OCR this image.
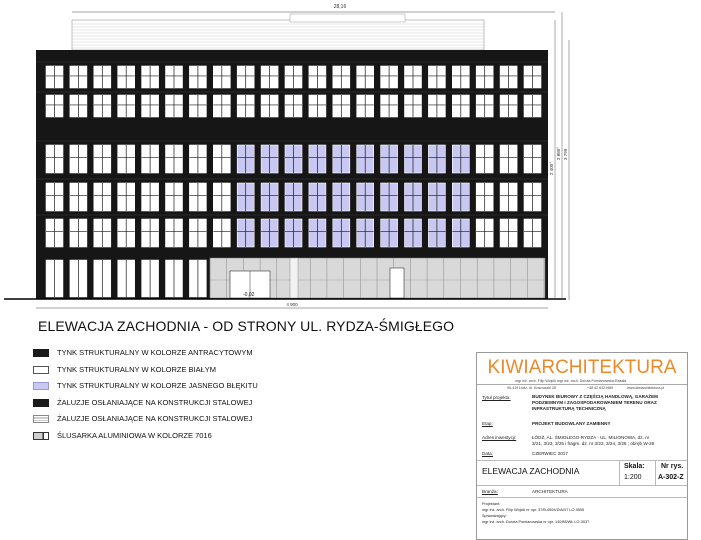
28,16
-0,02
4 900
2 400°
2 880° 3 799
ELEWACJA ZACHODNIA - OD STRONY UL. RYDZA-ŚMIGŁEGO
TYNK STRUKTURALNY W KOLORZE ANTRACYTOWYM
TYNK STRUKTURALNY W KOLORZE BIAŁYM
TYNK STRUKTURALNY W KOLORZE JASNEGO BŁĘKITU
ŻALUZJE OSŁANIAJĄCE NA KONSTRUKCJI STALOWEJ
ŻALUZJE OSŁANIAJĄCE NA KONSTRUKCJI STALOWEJ
ŚLUSARKA ALUMINIOWA W KOLORZE 7016
KIWIARCHITEKTURA
mgr inż. arch. Filip Wójcik mgr inż. arch. Dorota Pomianowska-Rasała
90-419 Łódź, Al. Kościuszki 28	+48 42 6321989	www.kiwiarchitektura.pl
Tytuł projektu:	BUDYNEK BIUROWY Z CZĘŚCIĄ HANDLOWĄ, GARAŻEM
PODZIEMNYM I ZAGOSPODAROWANIEM TERENU ORAZ
INFRASTRUKTURĄ TECHNICZNĄ
Etap:	PROJEKT BUDOWLANY ZAMIENNY
Adres inwestycji:	ŁÓDŹ, AL. ŚMIGŁEGO-RYDZA - UL. MILIONOWA, dz. nr
3/21, 3/23, 3/25 i fragm. dz. nr 3/22, 3/24, 3/26 ; obręb W-26
Data:	CZERWIEC 2017
ELEWACJA ZACHODNIA	Skala:
1:200
Nr rys.
A-302-Z
Branża:	ARCHITEKTURA
Projektant:
mgr inż. arch. Filip Wójcik nr upr. 37/B-6594/DIA/07 LO-0595
Sprawdzający:
mgr inż. arch. Dorota Pomianowska nr upr. 140/88/WŁ LO-3037
